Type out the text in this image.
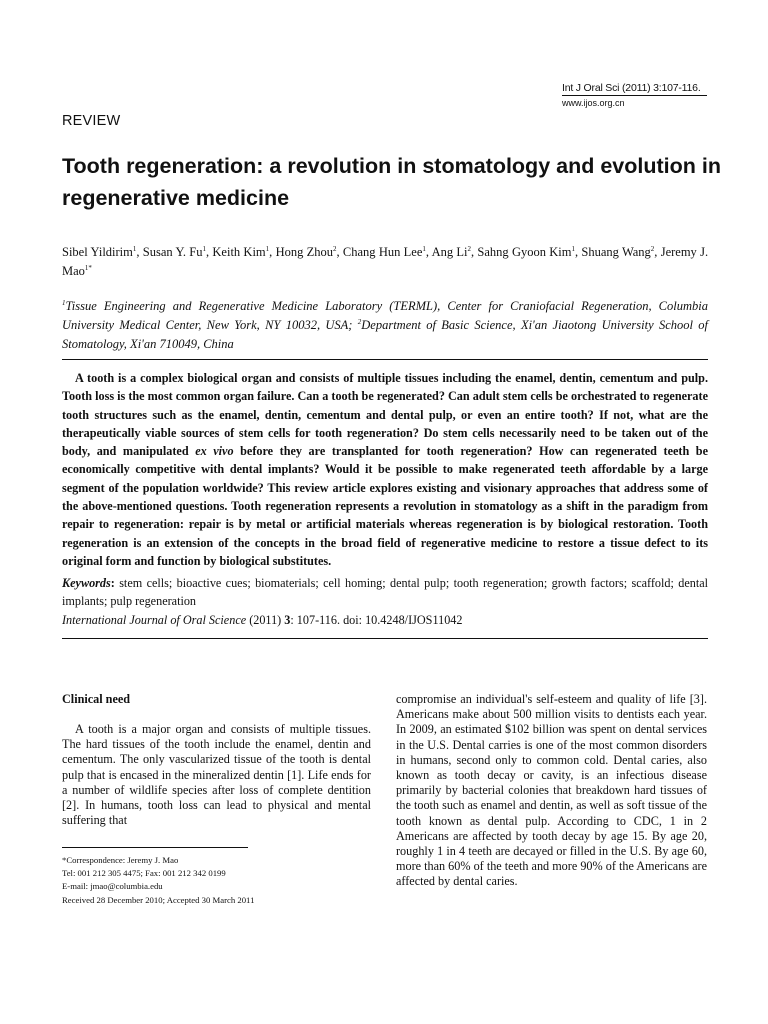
Int J Oral Sci (2011) 3:107-116.
www.ijos.org.cn
REVIEW
Tooth regeneration: a revolution in stomatology and evolution in regenerative medicine
Sibel Yildirim$^1$, Susan Y. Fu$^1$, Keith Kim$^1$, Hong Zhou$^2$, Chang Hun Lee$^1$, Ang Li$^2$, Sahng Gyoon Kim$^1$, Shuang Wang$^2$, Jeremy J. Mao$^{1*}$
$^1$Tissue Engineering and Regenerative Medicine Laboratory (TERML), Center for Craniofacial Regeneration, Columbia University Medical Center, New York, NY 10032, USA; $^2$Department of Basic Science, Xi'an Jiaotong University School of Stomatology, Xi'an 710049, China
A tooth is a complex biological organ and consists of multiple tissues including the enamel, dentin, cementum and pulp. Tooth loss is the most common organ failure. Can a tooth be regenerated? Can adult stem cells be orchestrated to regenerate tooth structures such as the enamel, dentin, cementum and dental pulp, or even an entire tooth? If not, what are the therapeutically viable sources of stem cells for tooth regeneration? Do stem cells necessarily need to be taken out of the body, and manipulated ex vivo before they are transplanted for tooth regeneration? How can regenerated teeth be economically competitive with dental implants? Would it be possible to make regenerated teeth affordable by a large segment of the population worldwide? This review article explores existing and visionary approaches that address some of the above-mentioned questions. Tooth regeneration represents a revolution in stomatology as a shift in the paradigm from repair to regeneration: repair is by metal or artificial materials whereas regeneration is by biological restoration. Tooth regeneration is an extension of the concepts in the broad field of regenerative medicine to restore a tissue defect to its original form and function by biological substitutes.
Keywords: stem cells; bioactive cues; biomaterials; cell homing; dental pulp; tooth regeneration; growth factors; scaffold; dental implants; pulp regeneration
International Journal of Oral Science (2011) 3: 107-116. doi: 10.4248/IJOS11042
Clinical need
A tooth is a major organ and consists of multiple tissues. The hard tissues of the tooth include the enamel, dentin and cementum. The only vascularized tissue of the tooth is dental pulp that is encased in the mineralized dentin [1]. Life ends for a number of wildlife species after loss of complete dentition [2]. In humans, tooth loss can lead to physical and mental suffering that
compromise an individual's self-esteem and quality of life [3]. Americans make about 500 million visits to dentists each year. In 2009, an estimated $102 billion was spent on dental services in the U.S. Dental carries is one of the most common disorders in humans, second only to common cold. Dental caries, also known as tooth decay or cavity, is an infectious disease primarily by bacterial colonies that breakdown hard tissues of the tooth such as enamel and dentin, as well as soft tissue of the tooth known as dental pulp. According to CDC, 1 in 2 Americans are affected by tooth decay by age 15. By age 20, roughly 1 in 4 teeth are decayed or filled in the U.S. By age 60, more than 60% of the teeth and more 90% of the Americans are affected by dental caries.
*Correspondence: Jeremy J. Mao
Tel: 001 212 305 4475; Fax: 001 212 342 0199
E-mail: jmao@columbia.edu
Received 28 December 2010; Accepted 30 March 2011
